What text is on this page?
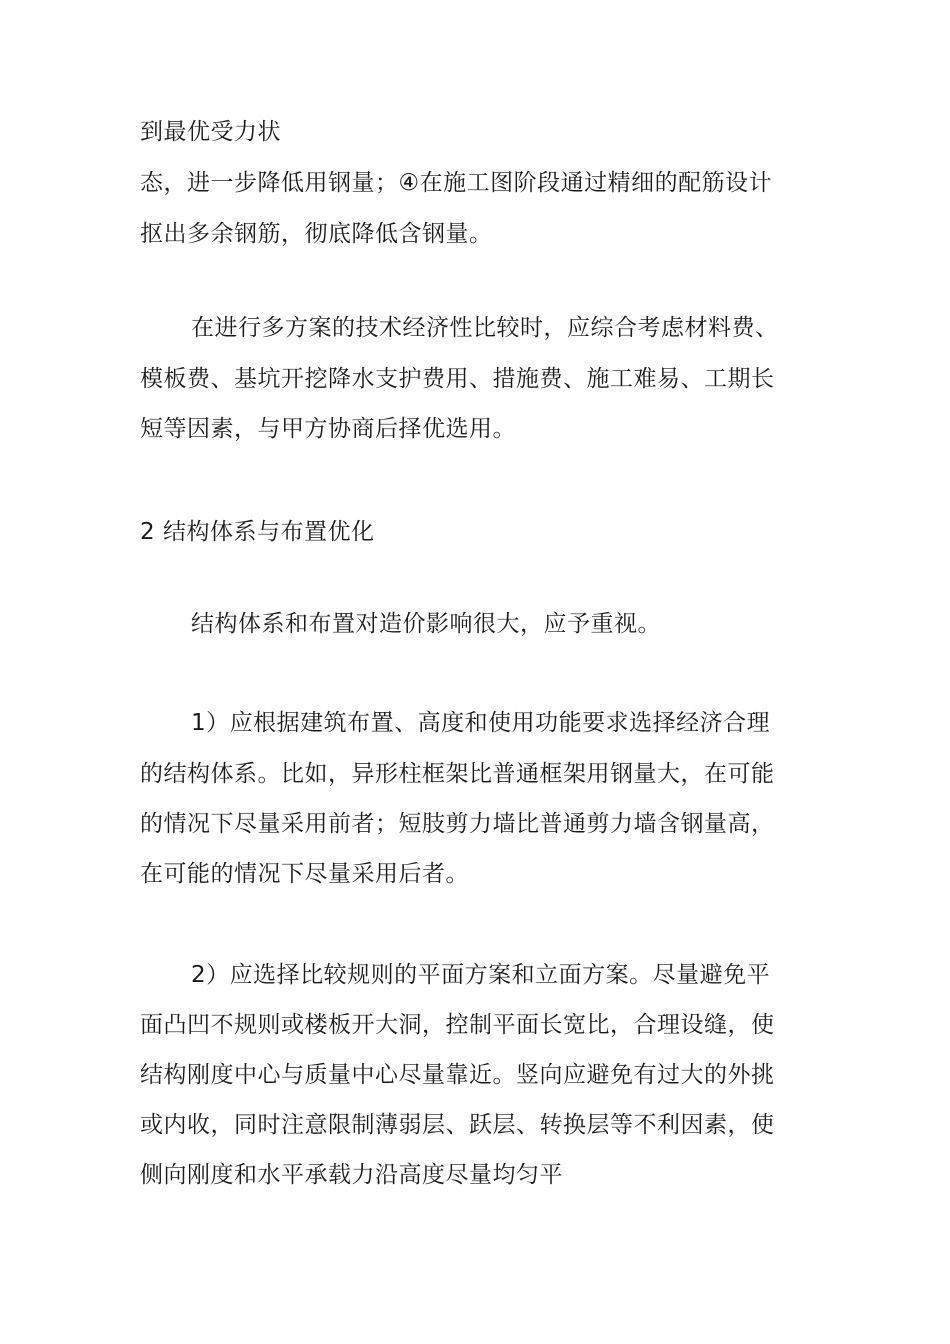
到最优受力状
态，进一步降低用钢量；④在施工图阶段通过精细的配筋设计
抠出多余钢筋，彻底降低含钢量。
在进行多方案的技术经济性比较时，应综合考虑材料费、
模板费、基坑开挖降水支护费用、措施费、施工难易、工期长
短等因素，与甲方协商后择优选用。
2 结构体系与布置优化
结构体系和布置对造价影响很大，应予重视。
1）应根据建筑布置、高度和使用功能要求选择经济合理
的结构体系。比如，异形柱框架比普通框架用钢量大，在可能
的情况下尽量采用前者；短肢剪力墙比普通剪力墙含钢量高，
在可能的情况下尽量采用后者。
2）应选择比较规则的平面方案和立面方案。尽量避免平
面凸凹不规则或楼板开大洞，控制平面长宽比，合理设缝，使
结构刚度中心与质量中心尽量靠近。竖向应避免有过大的外挑
或内收，同时注意限制薄弱层、跃层、转换层等不利因素，使
侧向刚度和水平承载力沿高度尽量均匀平
